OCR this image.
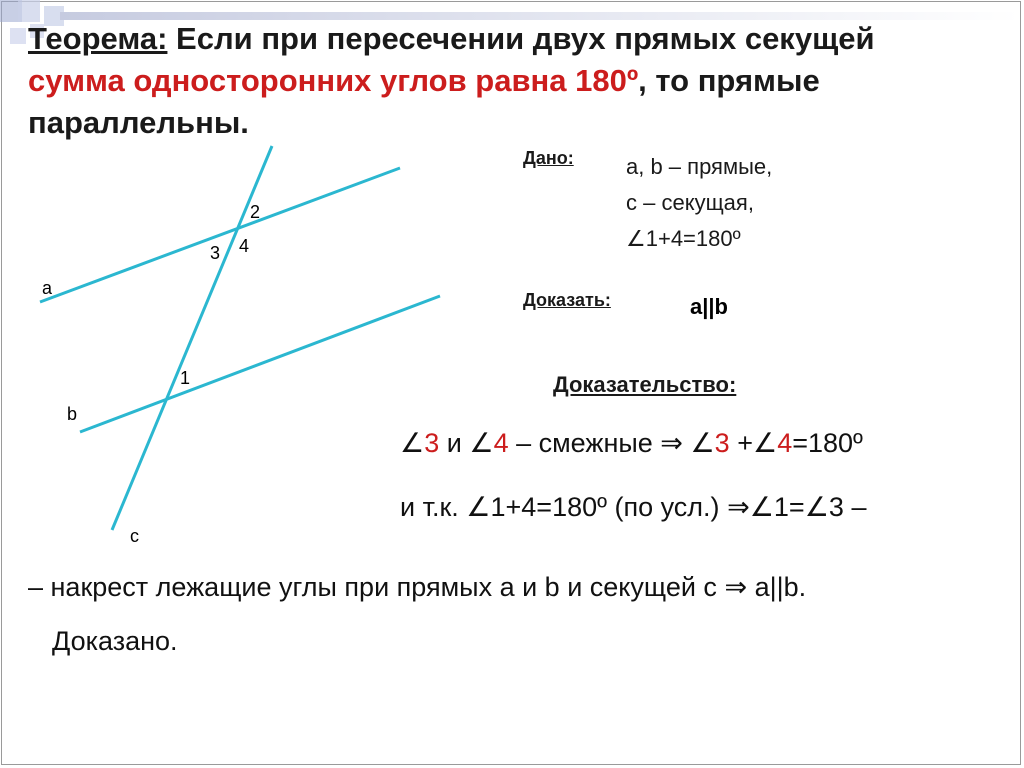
Теорема: Если при пересечении двух прямых секущей
сумма односторонних углов равна 180º, то прямые параллельны.
a
b
c
2
3 4
1
Дано: a, b – прямые,
c – секущая,
∠1+4=180º
Доказать:	a||b
Доказательство:
∠3 и ∠4 – смежные ⇒ ∠3 +∠4=180º
и т.к. ∠1+4=180º (по усл.) ⇒∠1=∠3 –
– накрест лежащие углы при прямых a и b и секущей c ⇒ a||b.
Доказано.
